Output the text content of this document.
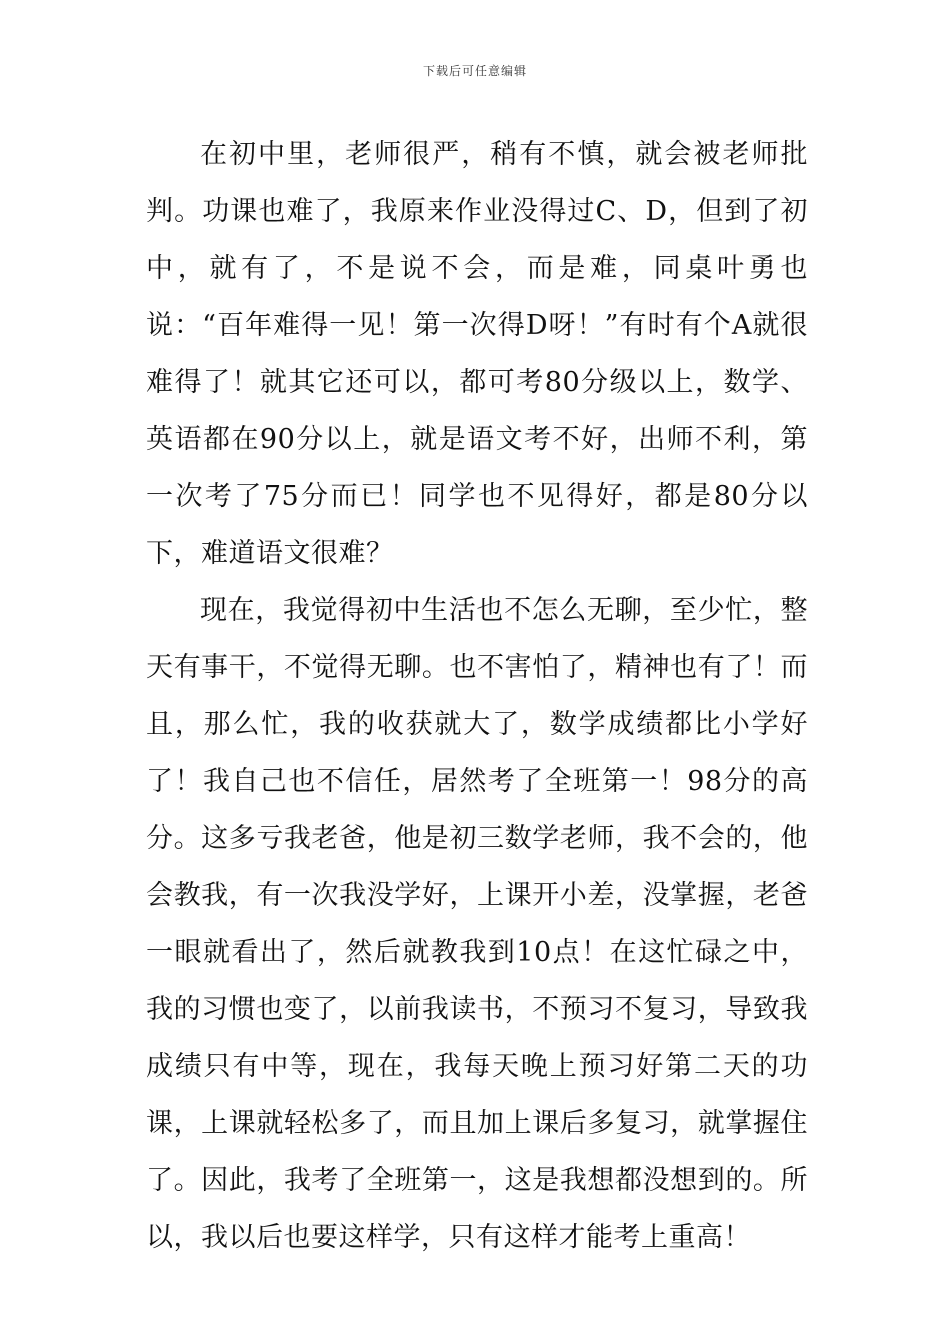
下载后可任意编辑

在初中里，老师很严，稍有不慎，就会被老师批判。功课也难了，我原来作业没得过C、D，但到了初中，就有了，不是说不会，而是难，同桌叶勇也说：“百年难得一见！第一次得D呀！”有时有个A就很难得了！就其它还可以，都可考80分级以上，数学、英语都在90分以上，就是语文考不好，出师不利，第一次考了75分而已！同学也不见得好，都是80分以下，难道语文很难？

现在，我觉得初中生活也不怎么无聊，至少忙，整天有事干，不觉得无聊。也不害怕了，精神也有了！而且，那么忙，我的收获就大了，数学成绩都比小学好了！我自己也不信任，居然考了全班第一！98分的高分。这多亏我老爸，他是初三数学老师，我不会的，他会教我，有一次我没学好，上课开小差，没掌握，老爸一眼就看出了，然后就教我到10点！在这忙碌之中，我的习惯也变了，以前我读书，不预习不复习，导致我成绩只有中等，现在，我每天晚上预习好第二天的功课，上课就轻松多了，而且加上课后多复习，就掌握住了。因此，我考了全班第一，这是我想都没想到的。所以，我以后也要这样学，只有这样才能考上重高！
